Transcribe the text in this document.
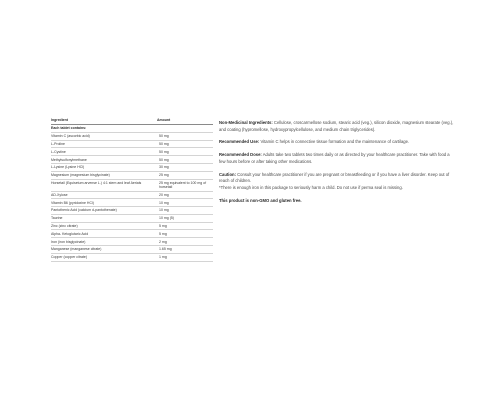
Ingredient	Amount
Each tablet contains:	
Vitamin C (ascorbic acid)	50 mg
L-Proline	50 mg
L-Cystine	50 mg
Methylsulfonylmethane	50 mg
L-Lysine (Lysine HCl)	30 mg
Magnesium (magnesium bisglycinate)	25 mg
Horsetail (Equisetum arvense L.) 4:1 stem and leaf Aerials	25 mg equivalent to 100 mg of horsetail
AD-Xylose	20 mg
Vitamin B6 (pyridoxine HCl)	10 mg
Pantothenic Acid (calcium d-pantothenate)	10 mg
Taurine	10 mg (5)
Zinc (zinc citrate)	5 mg
Alpha- Ketoglutaric Acid	5 mg
Iron (iron bisglycinate)	2 mg
Manganese (manganese citrate)	1.65 mg
Copper (copper citrate)	1 mg

Non-Medicinal Ingredients: Cellulose, croscarmellose sodium, stearic acid (veg.), silicon dioxide, magnesium stearate (veg.), and coating (hypromellose, hydroxypropylcellulose, and medium chain triglycerides).

Recommended Use: Vitamin C helps in connective tissue formation and the maintenance of cartilage.

Recommended Dose: Adults take two tablets two times daily or as directed by your healthcare practitioner. Take with food a few hours before or after taking other medications.

Caution: Consult your healthcare practitioner if you are pregnant or breastfeeding or if you have a liver disorder. Keep out of reach of children.
*There is enough iron in this package to seriously harm a child. Do not use if perma seal is missing.

This product is non-GMO and gluten free.
